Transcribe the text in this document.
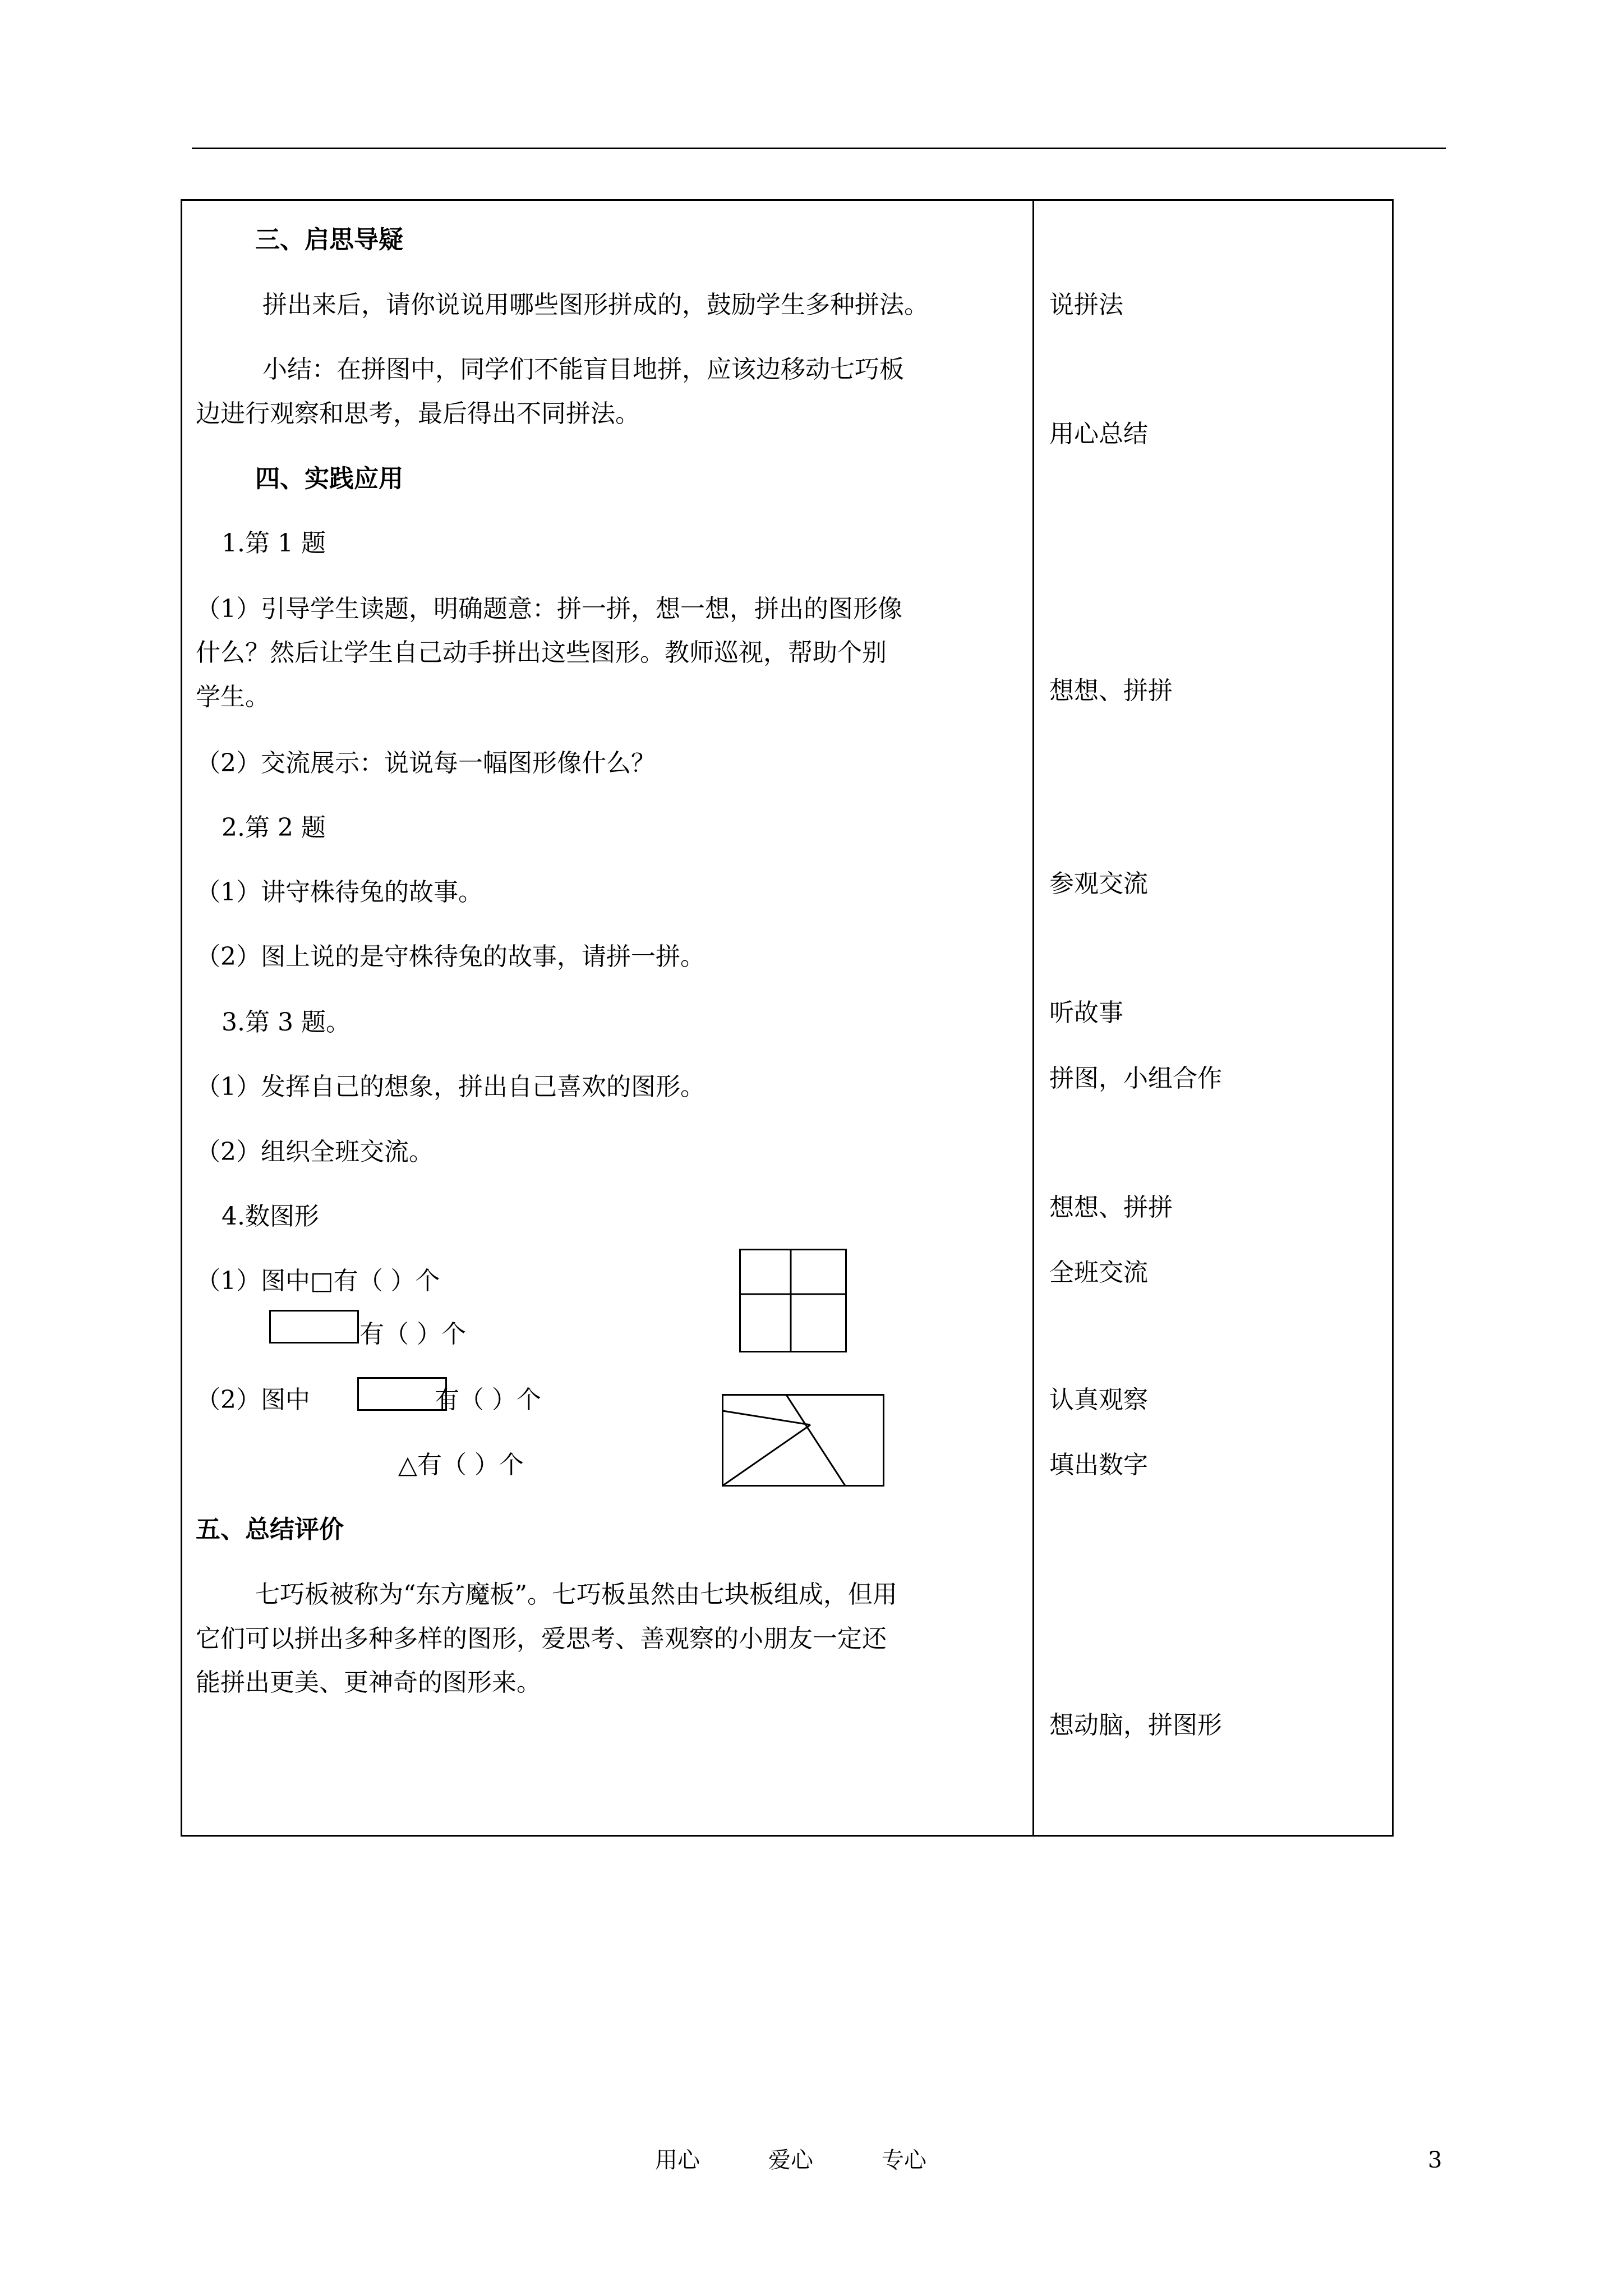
三、启思导疑
拼出来后，请你说说用哪些图形拼成的，鼓励学生多种拼法。
小结：在拼图中，同学们不能盲目地拼，应该边移动七巧板
边进行观察和思考，最后得出不同拼法。
四、实践应用
1.第 1 题
（1）引导学生读题，明确题意：拼一拼，想一想，拼出的图形像
什么？然后让学生自己动手拼出这些图形。教师巡视，帮助个别
学生。
（2）交流展示：说说每一幅图形像什么？
2.第 2 题
（1）讲守株待兔的故事。
（2）图上说的是守株待兔的故事，请拼一拼。
3.第 3 题。
（1）发挥自己的想象，拼出自己喜欢的图形。
（2）组织全班交流。
4.数图形
（1）图中□有（ ）个
有（ ）个
（2）图中	有（ ）个
△有（ ）个
五、总结评价
七巧板被称为“东方魔板”。七巧板虽然由七块板组成，但用
它们可以拼出多种多样的图形，爱思考、善观察的小朋友一定还
能拼出更美、更神奇的图形来。
说拼法
用心总结
想想、拼拼
参观交流
听故事
拼图，小组合作
想想、拼拼
全班交流
认真观察
填出数字
想动脑，拼图形
用心	爱心	专心	3
